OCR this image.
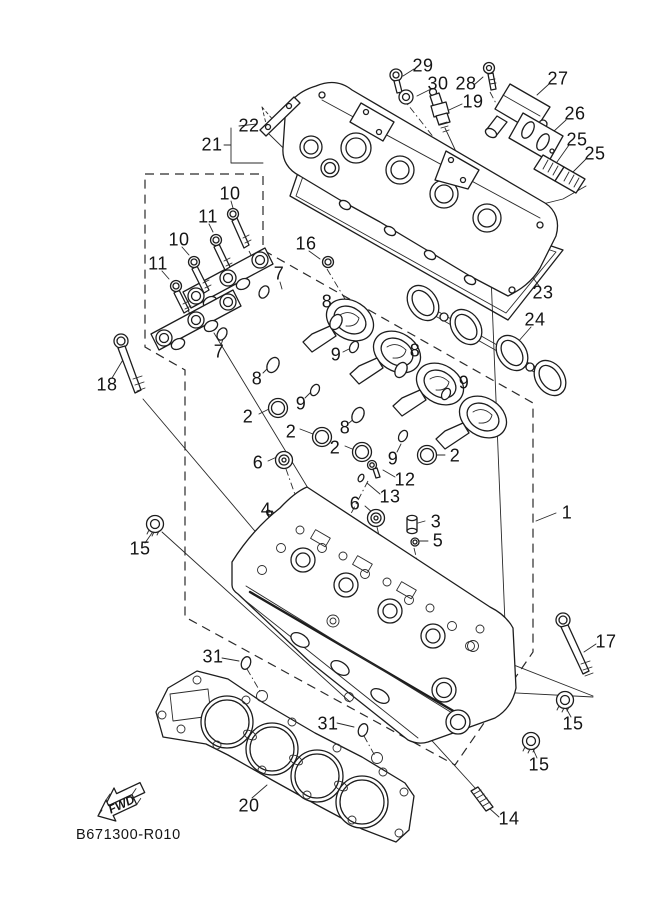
FWD
1
2
2
2	2
3
4
5
6
6
7
7
8
8
8
8
9
9
9
9
10
10
11
11
12
13
14
15
15
15
16
17
18
19
20
21
22
23
24
25
25
26
27
28
29
30
31
31
B671300-R010
